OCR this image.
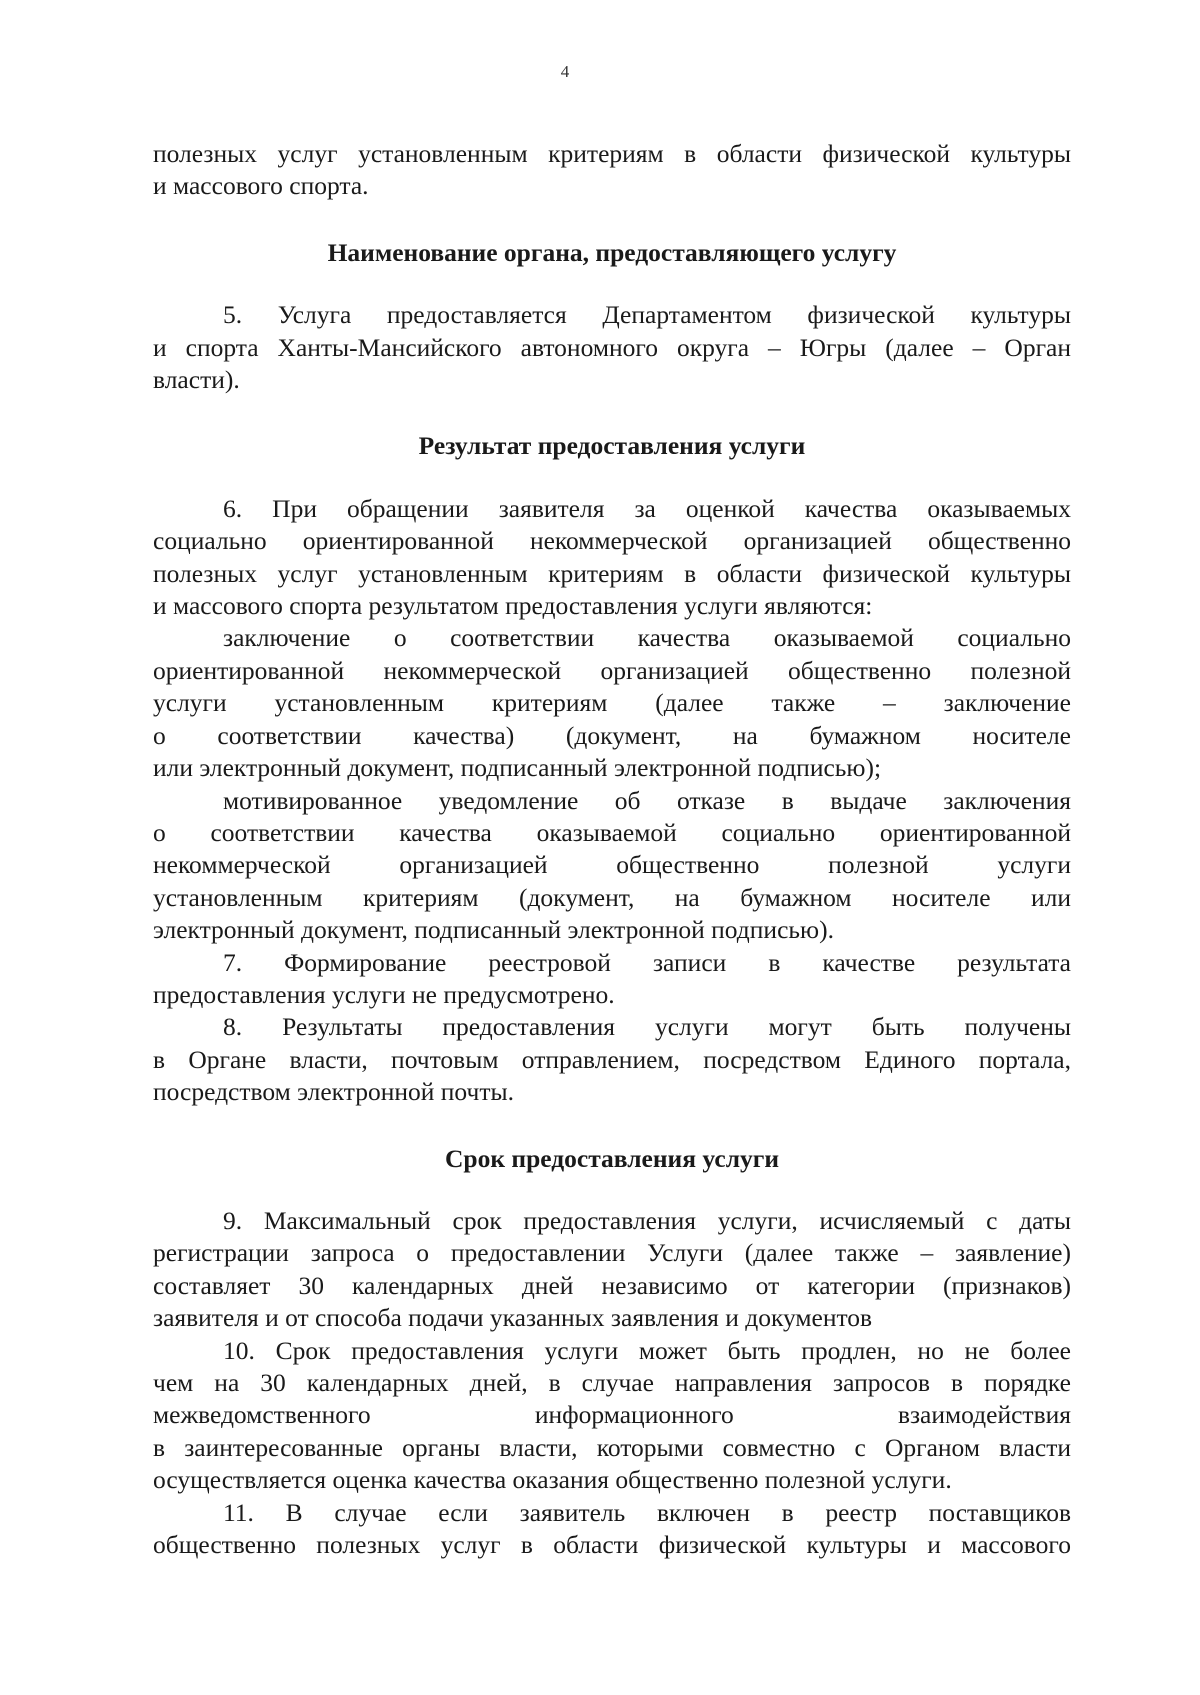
4
полезных услуг установленным критериям в области физической культуры
и массового спорта.

Наименование органа, предоставляющего услугу

5. Услуга предоставляется Департаментом физической культуры
и спорта Ханты-Мансийского автономного округа – Югры (далее – Орган
власти).

Результат предоставления услуги

6. При обращении заявителя за оценкой качества оказываемых
социально ориентированной некоммерческой организацией общественно
полезных услуг установленным критериям в области физической культуры
и массового спорта результатом предоставления услуги являются:
заключение о соответствии качества оказываемой социально
ориентированной некоммерческой организацией общественно полезной
услуги установленным критериям (далее также – заключение
о соответствии качества) (документ, на бумажном носителе
или электронный документ, подписанный электронной подписью);
мотивированное уведомление об отказе в выдаче заключения
о соответствии качества оказываемой социально ориентированной
некоммерческой организацией общественно полезной услуги
установленным критериям (документ, на бумажном носителе или
электронный документ, подписанный электронной подписью).
7. Формирование реестровой записи в качестве результата
предоставления услуги не предусмотрено.
8. Результаты предоставления услуги могут быть получены
в Органе власти, почтовым отправлением, посредством Единого портала,
посредством электронной почты.

Срок предоставления услуги

9. Максимальный срок предоставления услуги, исчисляемый с даты
регистрации запроса о предоставлении Услуги (далее также – заявление)
составляет 30 календарных дней независимо от категории (признаков)
заявителя и от способа подачи указанных заявления и документов
10. Срок предоставления услуги может быть продлен, но не более
чем на 30 календарных дней, в случае направления запросов в порядке
межведомственного информационного взаимодействия
в заинтересованные органы власти, которыми совместно с Органом власти
осуществляется оценка качества оказания общественно полезной услуги.
11. В случае если заявитель включен в реестр поставщиков
общественно полезных услуг в области физической культуры и массового
